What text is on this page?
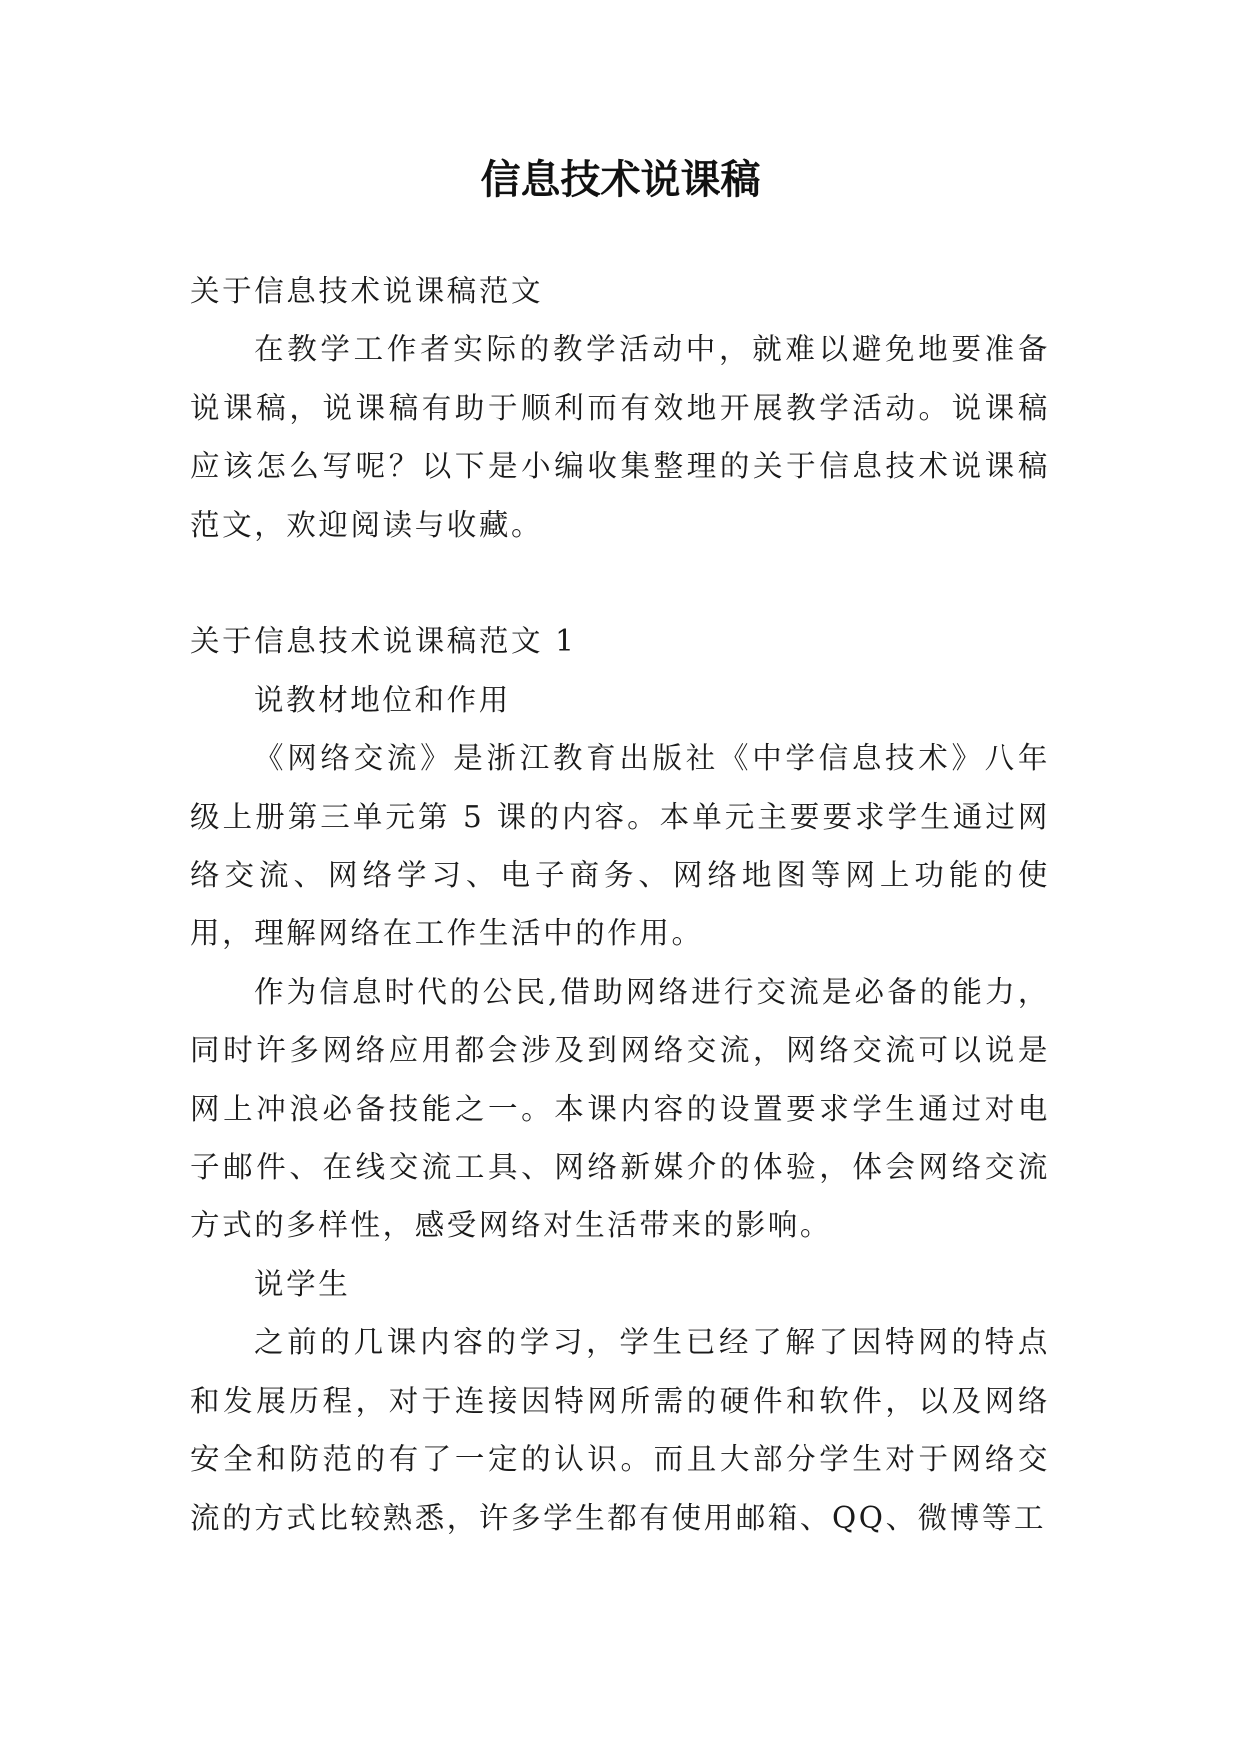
信息技术说课稿

关于信息技术说课稿范文

在教学工作者实际的教学活动中，就难以避免地要准备说课稿，说课稿有助于顺利而有效地开展教学活动。说课稿应该怎么写呢？以下是小编收集整理的关于信息技术说课稿范文，欢迎阅读与收藏。

关于信息技术说课稿范文 1

说教材地位和作用

《网络交流》是浙江教育出版社《中学信息技术》八年级上册第三单元第 5 课的内容。本单元主要要求学生通过网络交流、网络学习、电子商务、网络地图等网上功能的使用，理解网络在工作生活中的作用。

作为信息时代的公民,借助网络进行交流是必备的能力，同时许多网络应用都会涉及到网络交流，网络交流可以说是网上冲浪必备技能之一。本课内容的设置要求学生通过对电子邮件、在线交流工具、网络新媒介的体验，体会网络交流方式的多样性，感受网络对生活带来的影响。

说学生

之前的几课内容的学习，学生已经了解了因特网的特点和发展历程，对于连接因特网所需的硬件和软件，以及网络安全和防范的有了一定的认识。而且大部分学生对于网络交流的方式比较熟悉，许多学生都有使用邮箱、QQ、微博等工
